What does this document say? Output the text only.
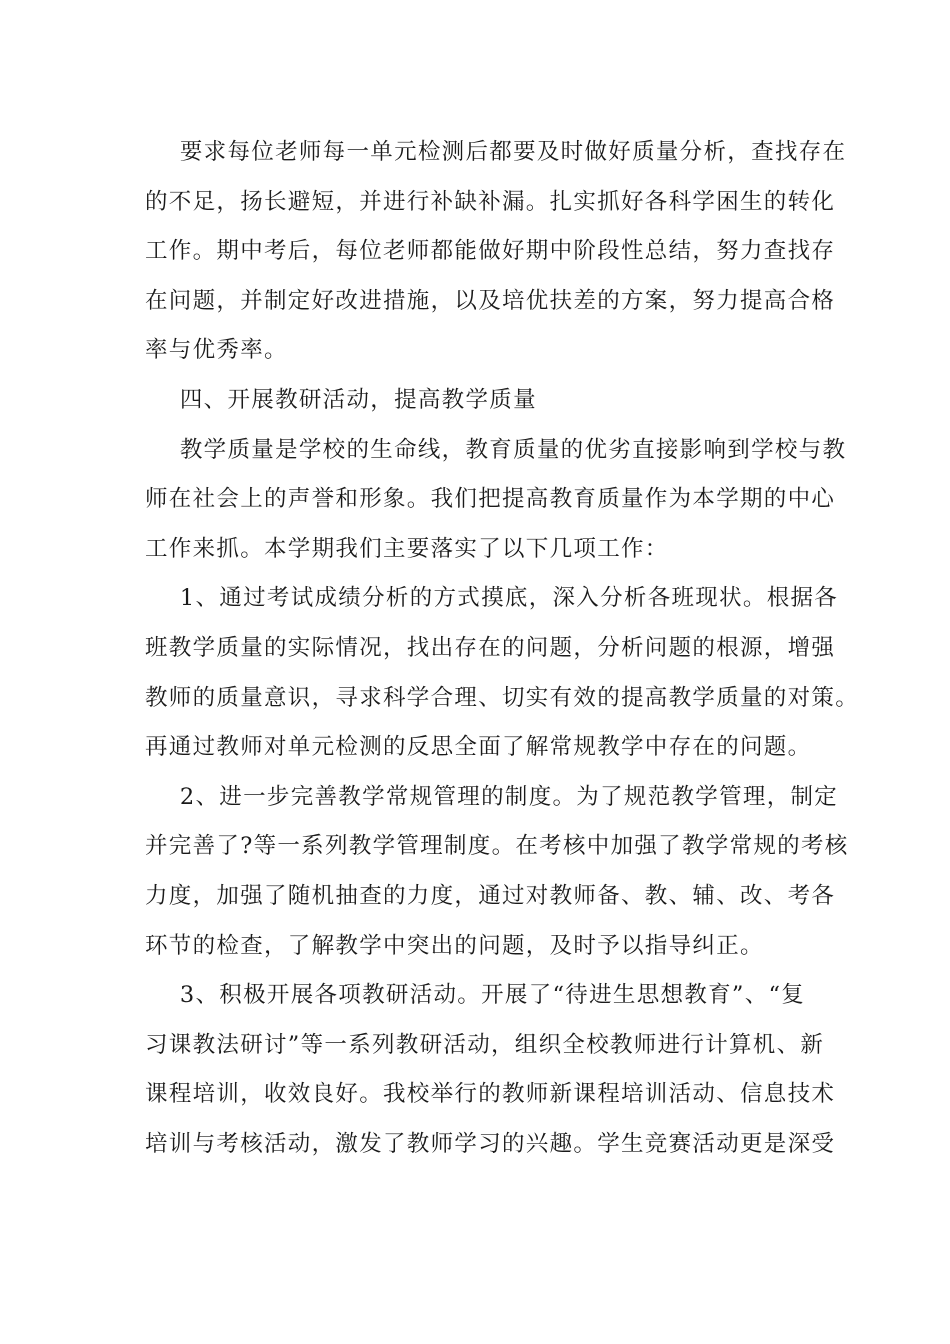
要求每位老师每一单元检测后都要及时做好质量分析，查找存在
的不足，扬长避短，并进行补缺补漏。扎实抓好各科学困生的转化
工作。期中考后，每位老师都能做好期中阶段性总结，努力查找存
在问题，并制定好改进措施，以及培优扶差的方案，努力提高合格
率与优秀率。
四、开展教研活动，提高教学质量
教学质量是学校的生命线，教育质量的优劣直接影响到学校与教
师在社会上的声誉和形象。我们把提高教育质量作为本学期的中心
工作来抓。本学期我们主要落实了以下几项工作：
1、通过考试成绩分析的方式摸底，深入分析各班现状。根据各
班教学质量的实际情况，找出存在的问题，分析问题的根源，增强
教师的质量意识，寻求科学合理、切实有效的提高教学质量的对策。
再通过教师对单元检测的反思全面了解常规教学中存在的问题。
2、进一步完善教学常规管理的制度。为了规范教学管理，制定
并完善了?等一系列教学管理制度。在考核中加强了教学常规的考核
力度，加强了随机抽查的力度，通过对教师备、教、辅、改、考各
环节的检查，了解教学中突出的问题，及时予以指导纠正。
3、积极开展各项教研活动。开展了“待进生思想教育”、“复
习课教法研讨”等一系列教研活动，组织全校教师进行计算机、新
课程培训，收效良好。我校举行的教师新课程培训活动、信息技术
培训与考核活动，激发了教师学习的兴趣。学生竞赛活动更是深受
